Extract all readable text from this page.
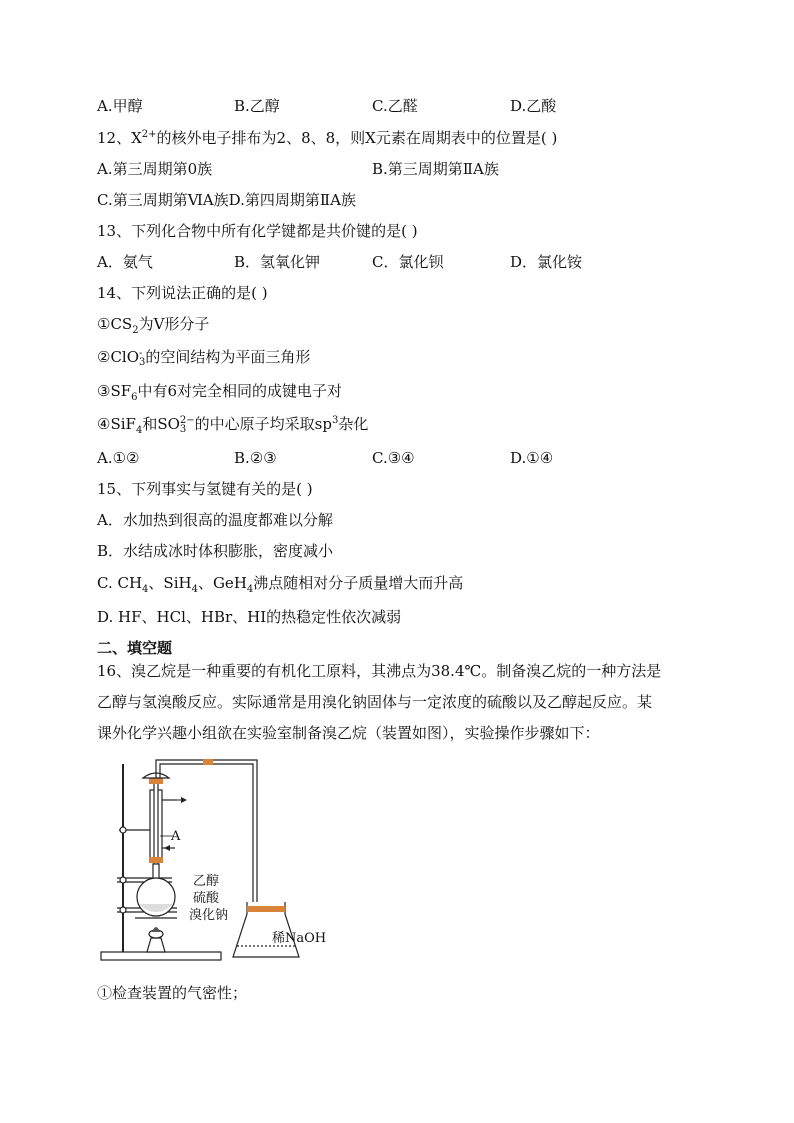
A.甲醇	B.乙醇	C.乙醛	D.乙酸
12、$X^{2+}$的核外电子排布为2、8、8，则X元素在周期表中的位置是( )
A.第三周期第0族	B.第三周期第ⅡA族
C.第三周期第ⅥA族D.第四周期第ⅡA族
13、下列化合物中所有化学键都是共价键的是( )
A．氨气	B．氢氧化钾	C．氯化钡	D．氯化铵
14、下列说法正确的是( )
$①CS_2$为V形分子
②ClO -
3 的空间结构为平面三角形
$③SF_6$中有6对完全相同的成键电子对
④SiF$_4$和SO 2−
3 的中心原子均采取$sp^3$杂化
A.①②	B.②③	C.③④	D.①④
15、下列事实与氢键有关的是( )
A．水加热到很高的温度都难以分解
B．水结成冰时体积膨胀，密度减小
C. $CH_4$、SiH$_4$、GeH$_4$沸点随相对分子质量增大而升高
D. HF、HCl、HBr、HI的热稳定性依次减弱
二、填空题
16、溴乙烷是一种重要的有机化工原料，其沸点为38.4℃。制备溴乙烷的一种方法是
乙醇与氢溴酸反应。实际通常是用溴化钠固体与一定浓度的硫酸以及乙醇起反应。某
课外化学兴趣小组欲在实验室制备溴乙烷（装置如图），实验操作步骤如下：
A
乙醇
硫酸
溴化钠
稀NaOH
①检查装置的气密性；
